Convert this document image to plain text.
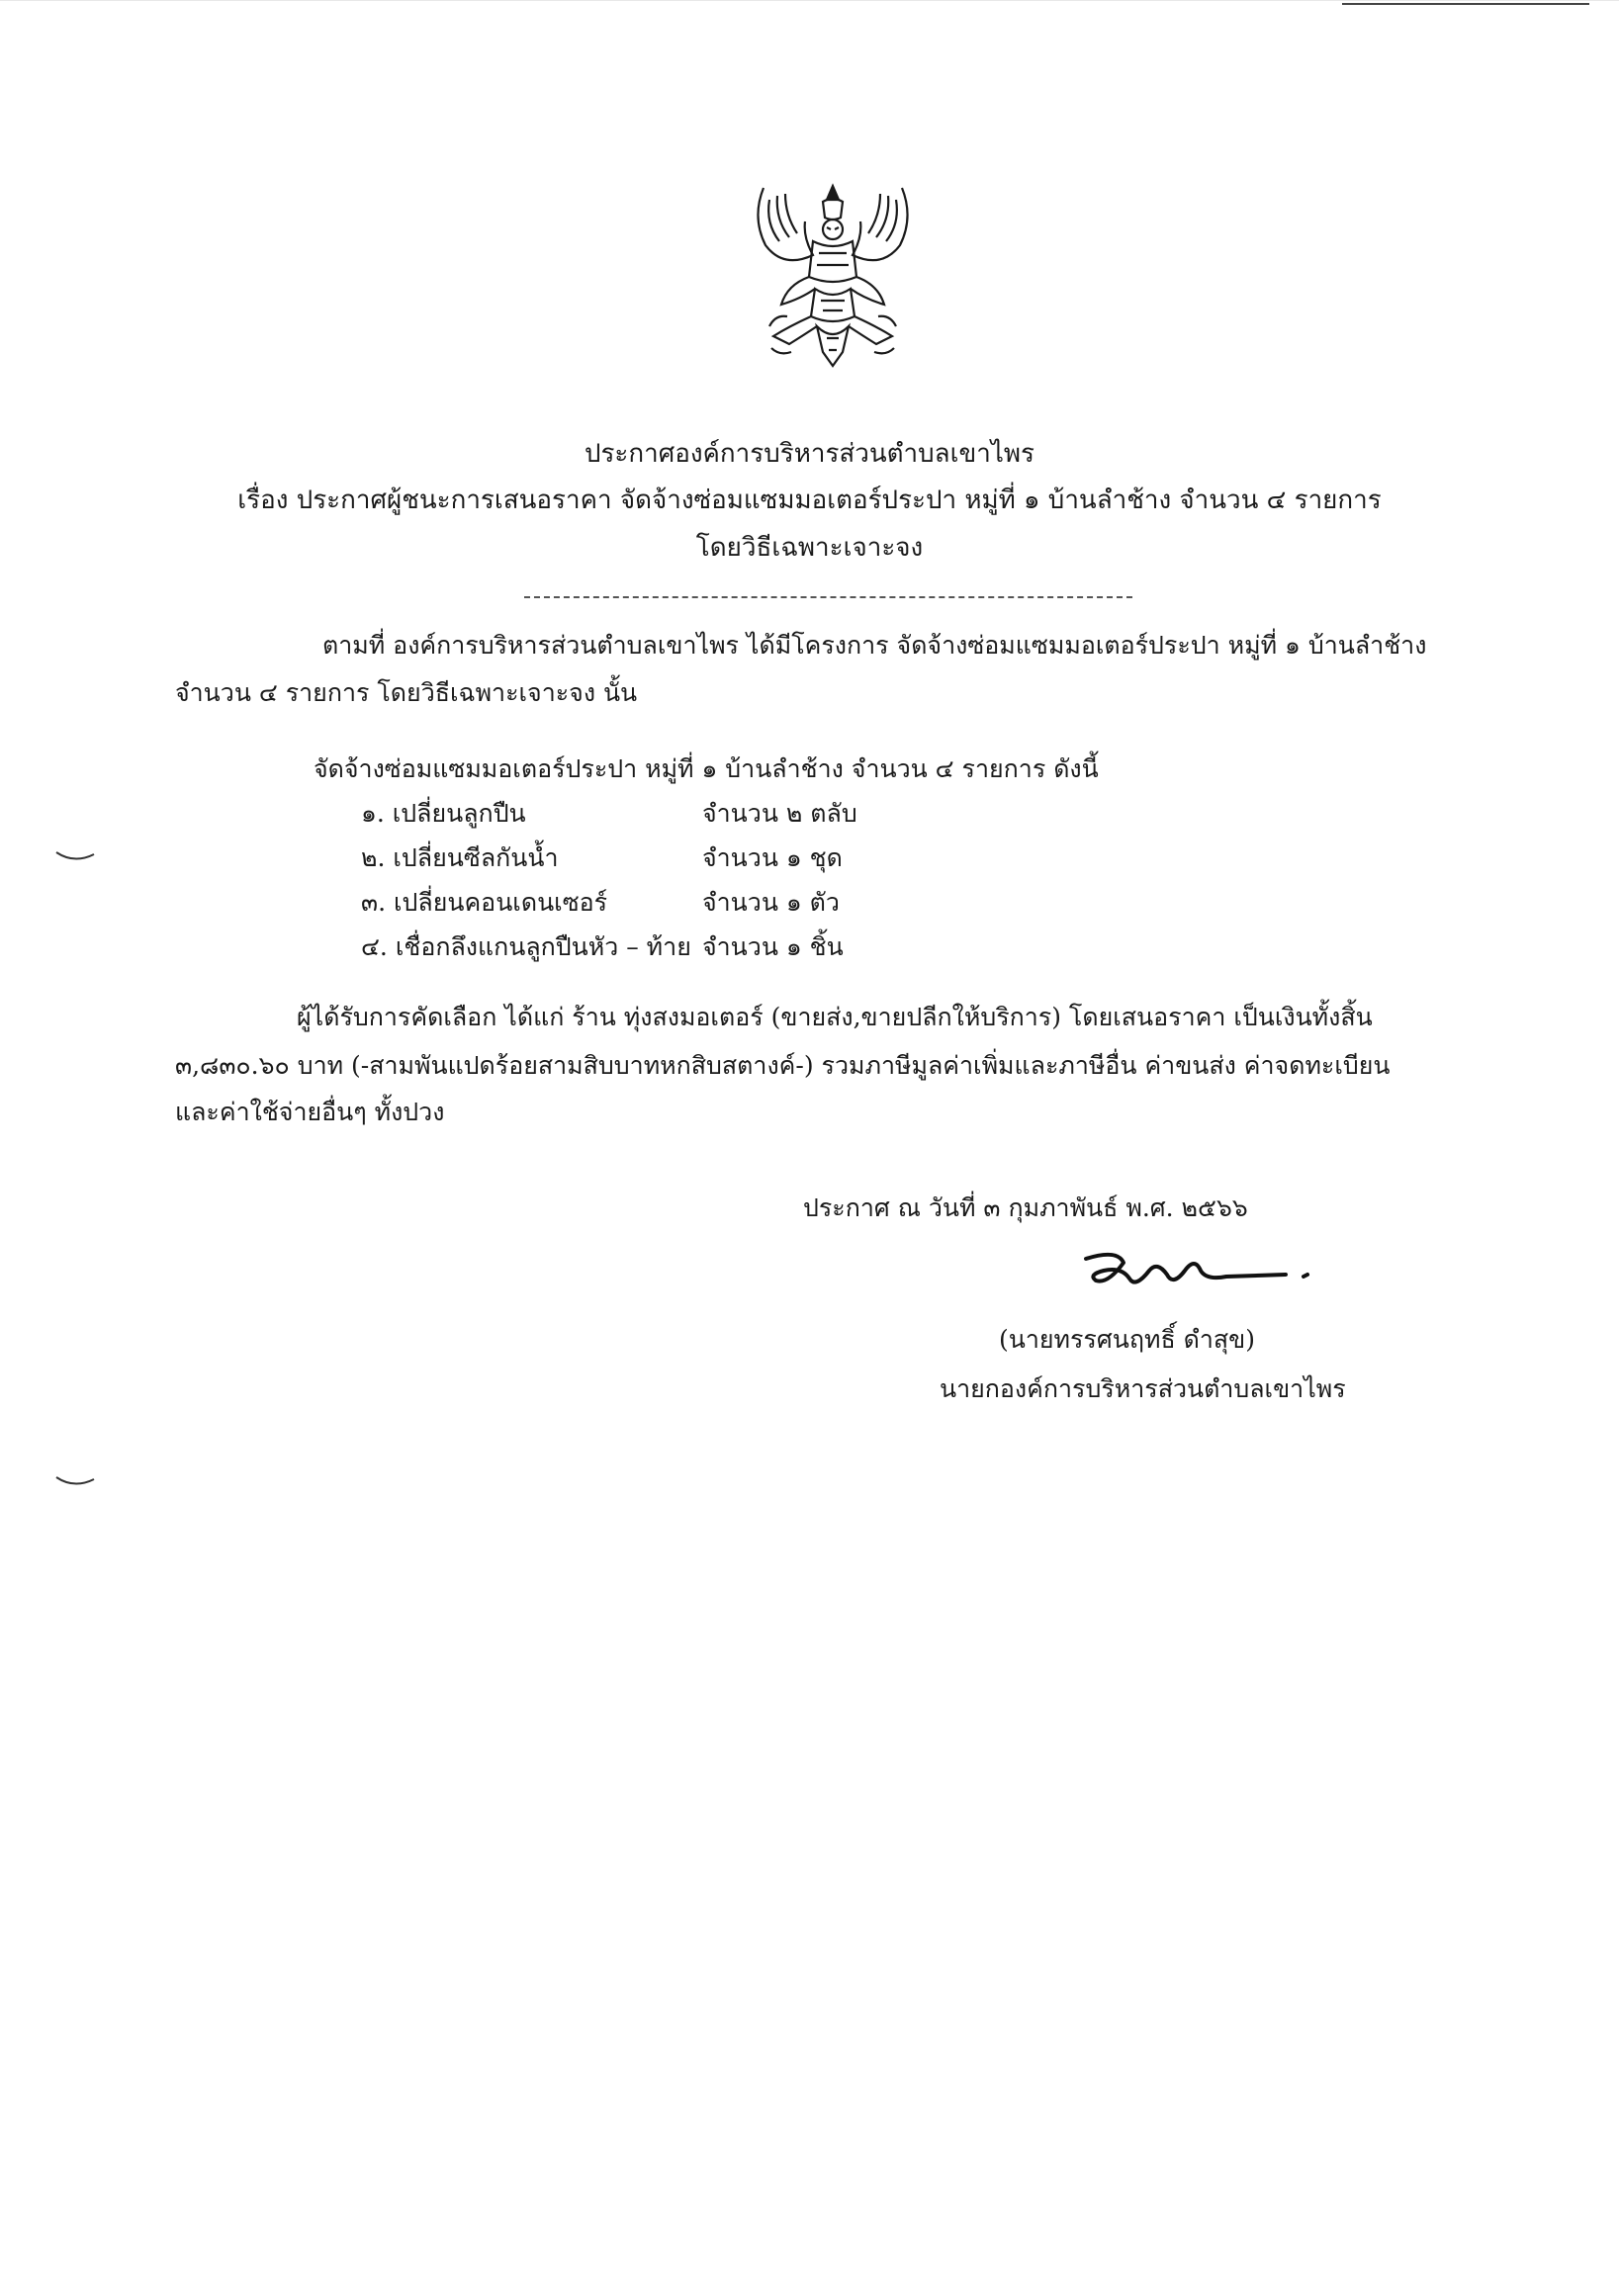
ประกาศองค์การบริหารส่วนตำบลเขาไพร
เรื่อง ประกาศผู้ชนะการเสนอราคา จัดจ้างซ่อมแซมมอเตอร์ประปา หมู่ที่ ๑ บ้านลำช้าง จำนวน ๔ รายการ
โดยวิธีเฉพาะเจาะจง
ตามที่ องค์การบริหารส่วนตำบลเขาไพร ได้มีโครงการ จัดจ้างซ่อมแซมมอเตอร์ประปา หมู่ที่ ๑ บ้านลำช้าง
จำนวน ๔ รายการ โดยวิธีเฉพาะเจาะจง นั้น
จัดจ้างซ่อมแซมมอเตอร์ประปา หมู่ที่ ๑ บ้านลำช้าง จำนวน ๔ รายการ ดังนี้
๑. เปลี่ยนลูกปืน	จำนวน ๒ ตลับ
๒. เปลี่ยนซีลกันน้ำ	จำนวน ๑ ชุด
๓. เปลี่ยนคอนเดนเซอร์	จำนวน ๑ ตัว
๔. เชื่อกลึงแกนลูกปืนหัว – ท้าย จำนวน ๑ ชิ้น
ผู้ได้รับการคัดเลือก ได้แก่ ร้าน ทุ่งสงมอเตอร์ (ขายส่ง,ขายปลีกให้บริการ) โดยเสนอราคา เป็นเงินทั้งสิ้น
๓,๘๓๐.๖๐ บาท (-สามพันแปดร้อยสามสิบบาทหกสิบสตางค์-) รวมภาษีมูลค่าเพิ่มและภาษีอื่น ค่าขนส่ง ค่าจดทะเบียน
และค่าใช้จ่ายอื่นๆ ทั้งปวง
ประกาศ ณ วันที่ ๓ กุมภาพันธ์ พ.ศ. ๒๕๖๖
(นายทรรศนฤทธิ์ ดำสุข)
นายกองค์การบริหารส่วนตำบลเขาไพร
